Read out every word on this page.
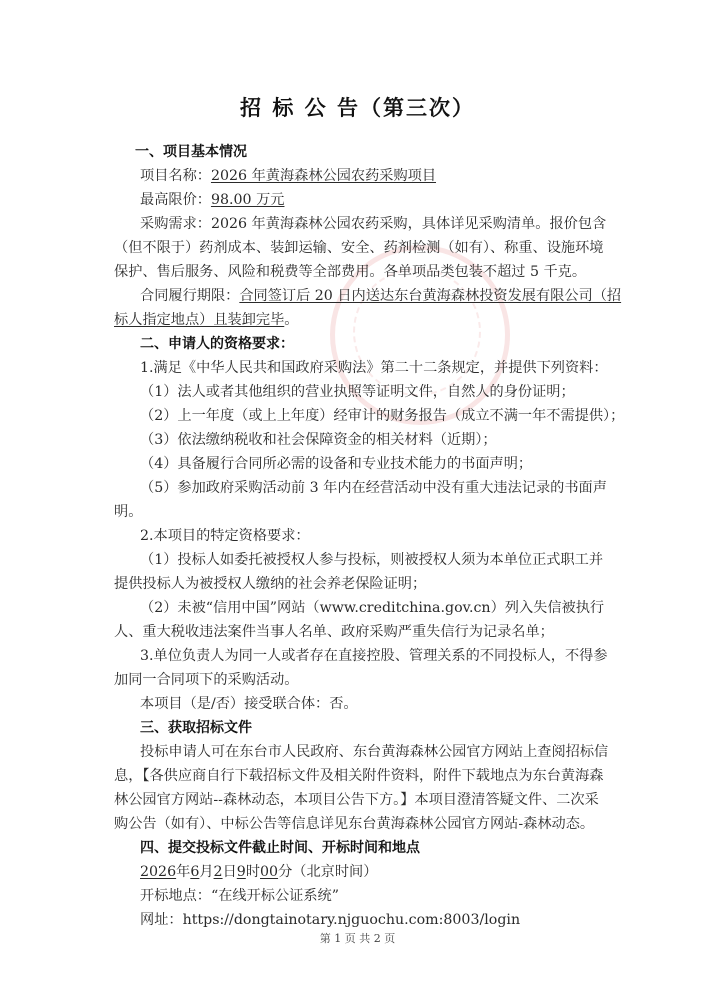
招 标 公 告（第三次）
一、项目基本情况
项目名称：2026 年黄海森林公园农药采购项目
最高限价：98.00 万元
采购需求：2026 年黄海森林公园农药采购，具体详见采购清单。报价包含
（但不限于）药剂成本、装卸运输、安全、药剂检测（如有）、称重、设施环境
保护、售后服务、风险和税费等全部费用。各单项品类包装不超过 5 千克。
合同履行期限：合同签订后 20 日内送达东台黄海森林投资发展有限公司（招
标人指定地点）且装卸完毕。
二、申请人的资格要求：
1.满足《中华人民共和国政府采购法》第二十二条规定，并提供下列资料：
（1）法人或者其他组织的营业执照等证明文件，自然人的身份证明；
（2）上一年度（或上上年度）经审计的财务报告（成立不满一年不需提供）；
（3）依法缴纳税收和社会保障资金的相关材料（近期）；
（4）具备履行合同所必需的设备和专业技术能力的书面声明；
（5）参加政府采购活动前 3 年内在经营活动中没有重大违法记录的书面声
明。
2.本项目的特定资格要求：
（1）投标人如委托被授权人参与投标，则被授权人须为本单位正式职工并
提供投标人为被授权人缴纳的社会养老保险证明；
（2）未被“信用中国”网站（www.creditchina.gov.cn）列入失信被执行
人、重大税收违法案件当事人名单、政府采购严重失信行为记录名单；
3.单位负责人为同一人或者存在直接控股、管理关系的不同投标人，不得参
加同一合同项下的采购活动。
本项目（是/否）接受联合体：否。
三、获取招标文件
投标申请人可在东台市人民政府、东台黄海森林公园官方网站上查阅招标信
息，【各供应商自行下载招标文件及相关附件资料，附件下载地点为东台黄海森
林公园官方网站--森林动态，本项目公告下方。】本项目澄清答疑文件、二次采
购公告（如有）、中标公告等信息详见东台黄海森林公园官方网站-森林动态。
四、提交投标文件截止时间、开标时间和地点
2026年6月2日9时00分（北京时间）
开标地点：“在线开标公证系统”
网址：https://dongtainotary.njguochu.com:8003/login
第 1 页 共 2 页
